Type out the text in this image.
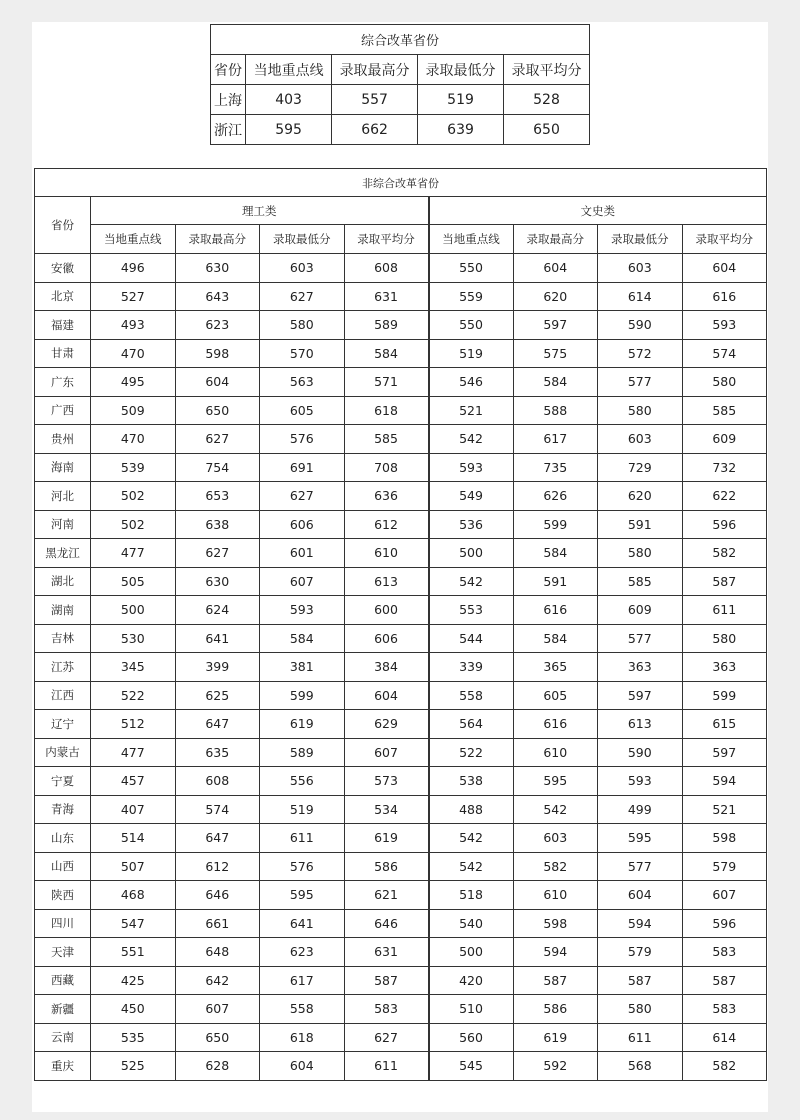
综合改革省份				
省份	当地重点线	录取最高分	录取最低分	录取平均分
上海	403	557	519	528
浙江	595	662	639	650
非综合改革省份								
省份	理工类				文史类			
	当地重点线	录取最高分	录取最低分	录取平均分	当地重点线	录取最高分	录取最低分	录取平均分
安徽	496	630	603	608	550	604	603	604
北京	527	643	627	631	559	620	614	616
福建	493	623	580	589	550	597	590	593
甘肃	470	598	570	584	519	575	572	574
广东	495	604	563	571	546	584	577	580
广西	509	650	605	618	521	588	580	585
贵州	470	627	576	585	542	617	603	609
海南	539	754	691	708	593	735	729	732
河北	502	653	627	636	549	626	620	622
河南	502	638	606	612	536	599	591	596
黑龙江	477	627	601	610	500	584	580	582
湖北	505	630	607	613	542	591	585	587
湖南	500	624	593	600	553	616	609	611
吉林	530	641	584	606	544	584	577	580
江苏	345	399	381	384	339	365	363	363
江西	522	625	599	604	558	605	597	599
辽宁	512	647	619	629	564	616	613	615
内蒙古	477	635	589	607	522	610	590	597
宁夏	457	608	556	573	538	595	593	594
青海	407	574	519	534	488	542	499	521
山东	514	647	611	619	542	603	595	598
山西	507	612	576	586	542	582	577	579
陕西	468	646	595	621	518	610	604	607
四川	547	661	641	646	540	598	594	596
天津	551	648	623	631	500	594	579	583
西藏	425	642	617	587	420	587	587	587
新疆	450	607	558	583	510	586	580	583
云南	535	650	618	627	560	619	611	614
重庆	525	628	604	611	545	592	568	582
